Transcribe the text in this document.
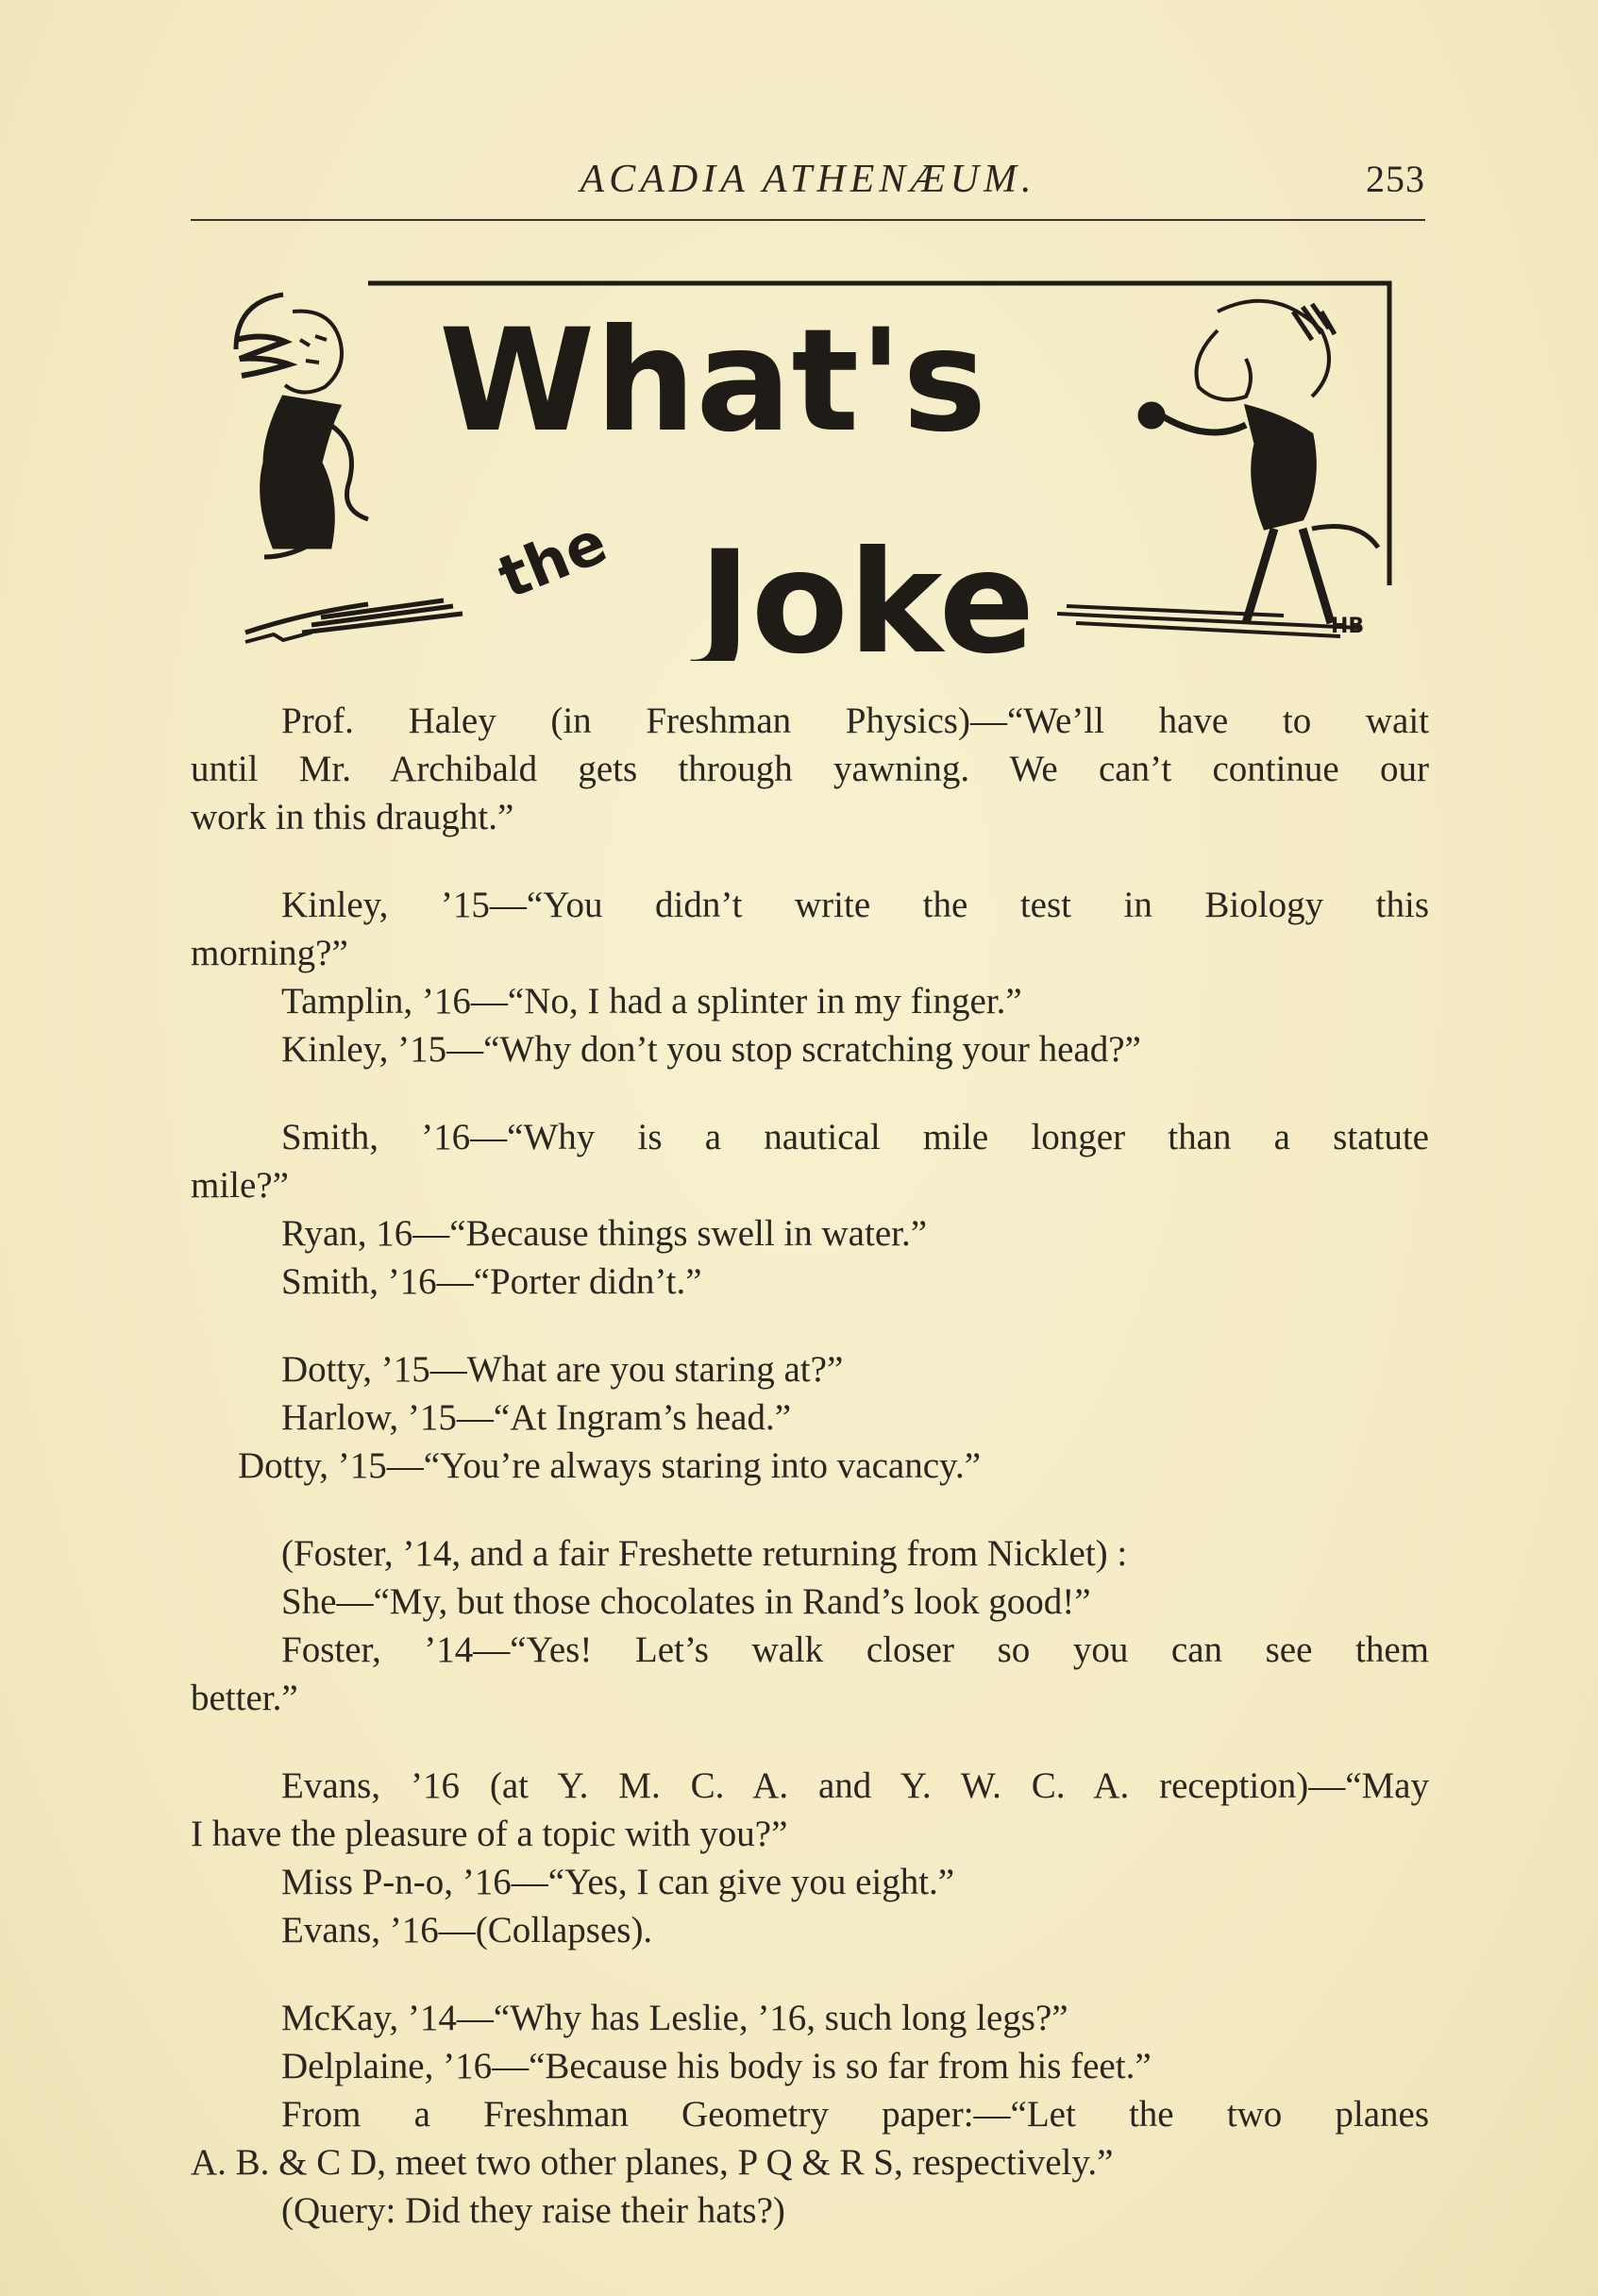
ACADIA ATHENÆUM.	253
What's
the Joke	HB
Prof. Haley (in Freshman Physics)—“We’ll have to wait
until Mr. Archibald gets through yawning. We can’t continue our
work in this draught.”
Kinley, ’15—“You didn’t write the test in Biology this
morning?”
Tamplin, ’16—“No, I had a splinter in my finger.”
Kinley, ’15—“Why don’t you stop scratching your head?”
Smith, ’16—“Why is a nautical mile longer than a statute
mile?”
Ryan, 16—“Because things swell in water.”
Smith, ’16—“Porter didn’t.”
Dotty, ’15—What are you staring at?”
Harlow, ’15—“At Ingram’s head.”
Dotty, ’15—“You’re always staring into vacancy.”
(Foster, ’14, and a fair Freshette returning from Nicklet) :
She—“My, but those chocolates in Rand’s look good!”
Foster, ’14—“Yes! Let’s walk closer so you can see them
better.”
Evans, ’16 (at Y. M. C. A. and Y. W. C. A. reception)—“May
I have the pleasure of a topic with you?”
Miss P-n-o, ’16—“Yes, I can give you eight.”
Evans, ’16—(Collapses).
McKay, ’14—“Why has Leslie, ’16, such long legs?”
Delplaine, ’16—“Because his body is so far from his feet.”
From a Freshman Geometry paper:—“Let the two planes
A. B. & C D, meet two other planes, P Q & R S, respectively.”
(Query: Did they raise their hats?)
